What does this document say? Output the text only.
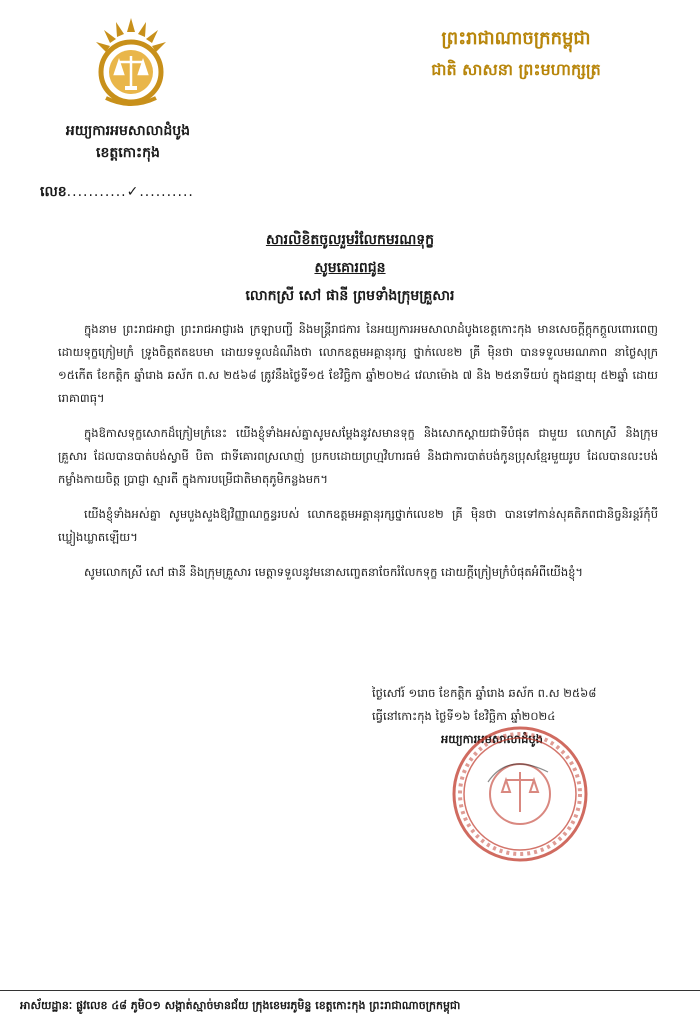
អយ្យការអមសាលាដំបូង
ខេត្តកោះកុង
លេខ...........✓..........
ព្រះរាជាណាចក្រកម្ពុជា
ជាតិ សាសនា ព្រះមហាក្សត្រ
សារលិខិតចូលរួមរំលែកមរណទុក្ខ
សូមគោរពជូន
លោកស្រី សៅ ផានី ព្រមទាំងក្រុមគ្រួសារ

ក្នុងនាម ព្រះរាជអាជ្ញា ព្រះរាជអាជ្ញារង ក្រឡាបញ្ជី និងមន្រ្តីរាជការ នៃអយ្យការអមសាលាដំបូងខេត្តកោះកុង មានសេចក្តីក្តុកក្តួលពោរពេញដោយទុក្ខក្រៀមក្រំ ទ្រូងចិត្តឥតឧបមា ដោយទទួលដំណឹងថា លោកឧត្តមអគ្គានុរក្ស ថ្នាក់លេខ២ គ្រី ម៉ិនថា បានទទួលមរណភាព នាថ្ងៃសុក្រ ១៥កើត ខែកត្តិក ឆ្នាំរោង ឆស័ក ព.ស ២៥៦៨ ត្រូវនឹងថ្ងៃទី១៥ ខែវិច្ឆិកា ឆ្នាំ២០២៤ វេលាម៉ោង ៧ និង ២៥នាទីយប់ ក្នុងជន្មាយុ ៥២ឆ្នាំ ដោយរោគា៣ធុ។

ក្នុងឱកាសទុក្ខសោកដ៏ក្រៀមក្រំនេះ យើងខ្ញុំទាំងអស់គ្នាសូមសម្តែងនូវសមានទុក្ខ និងសោកស្តាយជាទីបំផុត ជាមួយ លោកស្រី និងក្រុមគ្រួសារ ដែលបានបាត់បង់ស្វាមី បិតា ជាទីគោរពស្រលាញ់ ប្រកបដោយព្រហ្មវិហារធម៌ និងជាការបាត់បង់កូនប្រុសខ្មែរមួយរូប ដែលបានលះបង់កម្លាំងកាយចិត្ត ប្រាជ្ញា ស្មារតី ក្នុងការបម្រើជាតិមាតុភូមិកន្លងមក។

យើងខ្ញុំទាំងអស់គ្នា សូមបួងសួងឱ្យវិញ្ញាណក្ខន្ធរបស់ លោកឧត្តមអគ្គានុរក្សថ្នាក់លេខ២ គ្រី ម៉ិនថា បានទៅកាន់សុគតិភពជានិច្ចនិរន្តរ៍កុំបីឃ្លៀងឃ្លាតឡើយ។

សូមលោកស្រី សៅ ផានី និងក្រុមគ្រួសារ មេត្តាទទួលនូវមនោសញ្ចេតនាចែករំលែកទុក្ខ ដោយក្តីក្រៀមក្រំបំផុតអំពីយើងខ្ញុំ។

ថ្ងៃសៅរ៍ ១រោច ខែកត្តិក ឆ្នាំរោង ឆស័ក ព.ស ២៥៦៨
ធ្វើនៅកោះកុង ថ្ងៃទី១៦ ខែវិច្ឆិកា ឆ្នាំ២០២៤
អយ្យការអមសាលាដំបូង
អាស័យដ្ឋានៈ ផ្លូវលេខ ៤៨ ភូមិ០១ សង្កាត់ស្មាច់មានជ័យ ក្រុងខេមរភូមិន្ទ ខេត្តកោះកុង ព្រះរាជាណាចក្រកម្ពុជា
